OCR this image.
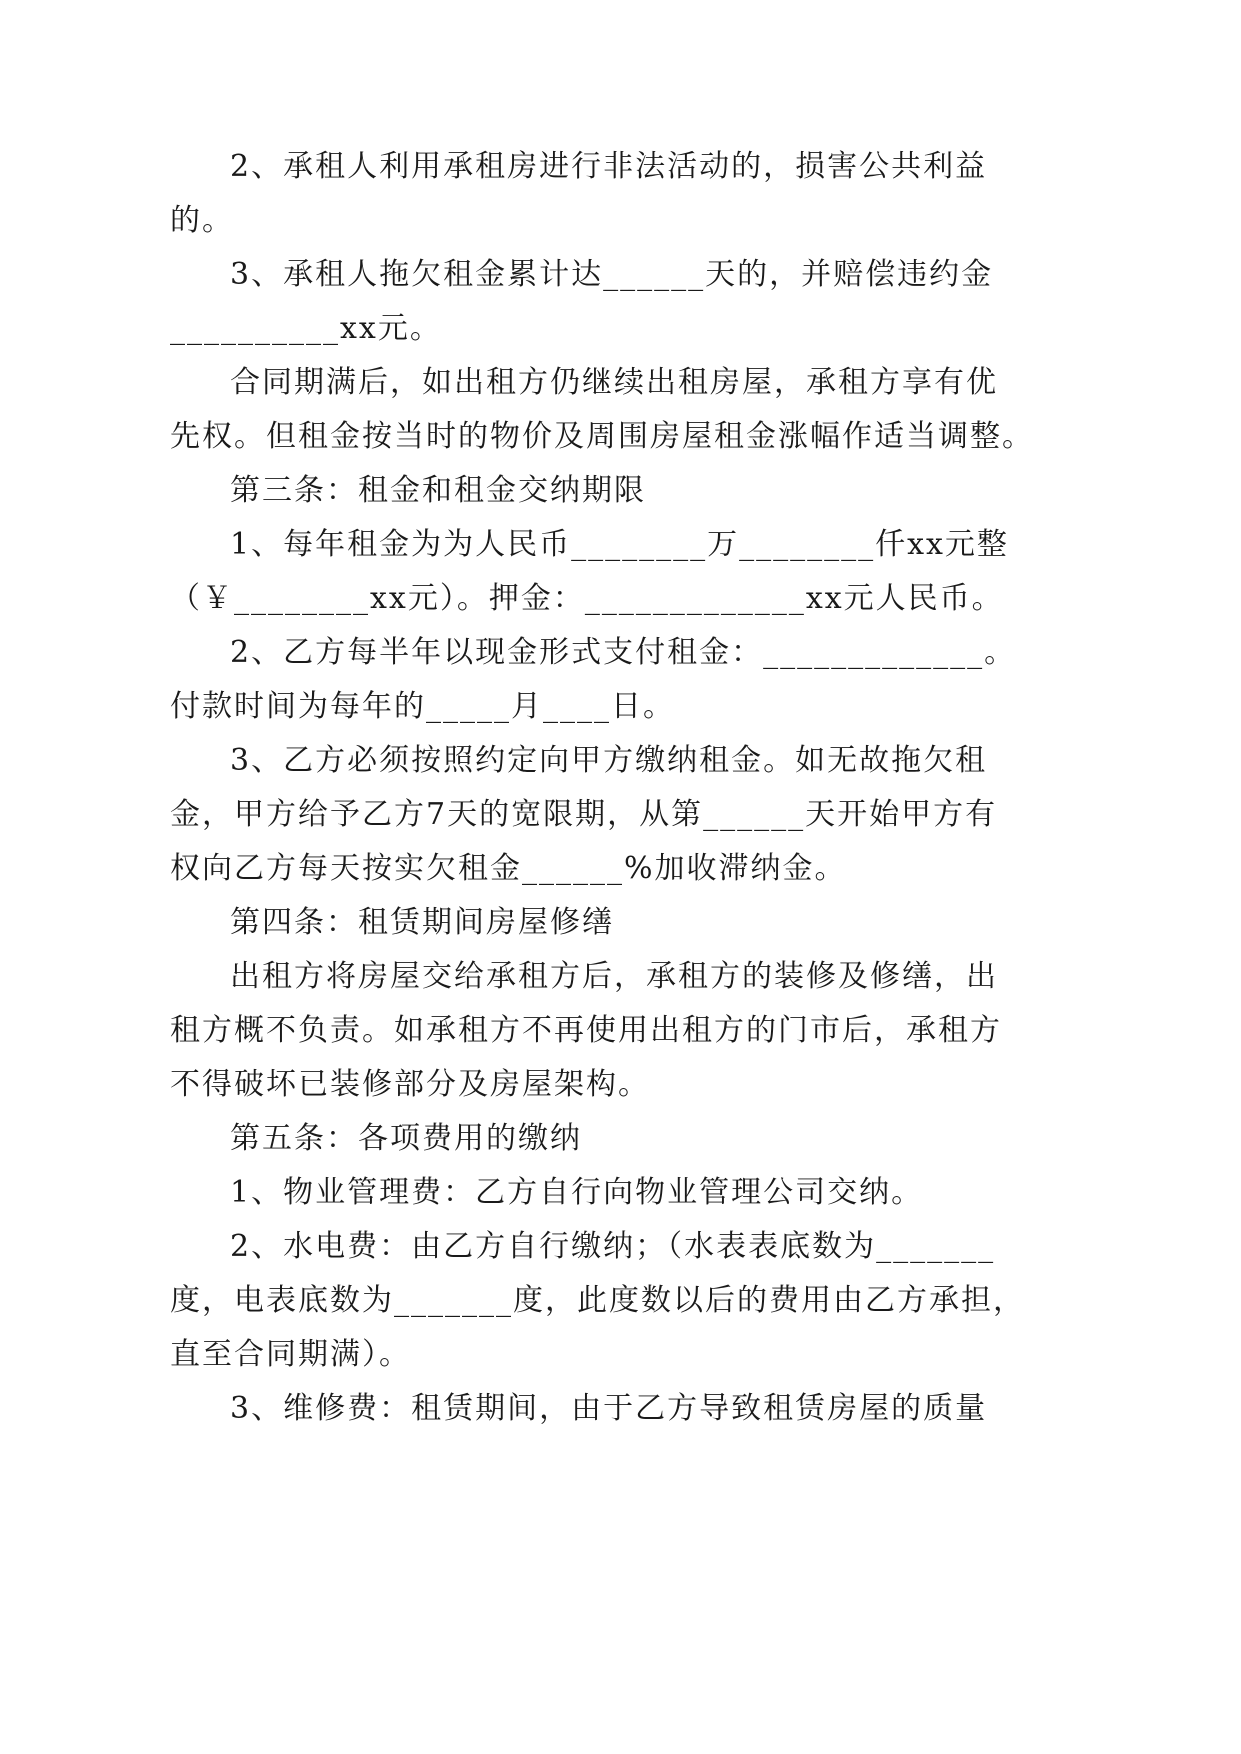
2、承租人利用承租房进行非法活动的，损害公共利益

的。

3、承租人拖欠租金累计达______天的，并赔偿违约金

__________xx元。

合同期满后，如出租方仍继续出租房屋，承租方享有优

先权。但租金按当时的物价及周围房屋租金涨幅作适当调整。

第三条：租金和租金交纳期限

1、每年租金为为人民币________万________仟xx元整

（￥________xx元）。押金：_____________xx元人民币。

2、乙方每半年以现金形式支付租金：_____________。

付款时间为每年的_____月____日。

3、乙方必须按照约定向甲方缴纳租金。如无故拖欠租

金，甲方给予乙方7天的宽限期，从第______天开始甲方有

权向乙方每天按实欠租金______%加收滞纳金。

第四条：租赁期间房屋修缮

出租方将房屋交给承租方后，承租方的装修及修缮，出

租方概不负责。如承租方不再使用出租方的门市后，承租方

不得破坏已装修部分及房屋架构。

第五条：各项费用的缴纳

1、物业管理费：乙方自行向物业管理公司交纳。

2、水电费：由乙方自行缴纳；（水表表底数为_______

度，电表底数为_______度，此度数以后的费用由乙方承担，

直至合同期满）。

3、维修费：租赁期间，由于乙方导致租赁房屋的质量
